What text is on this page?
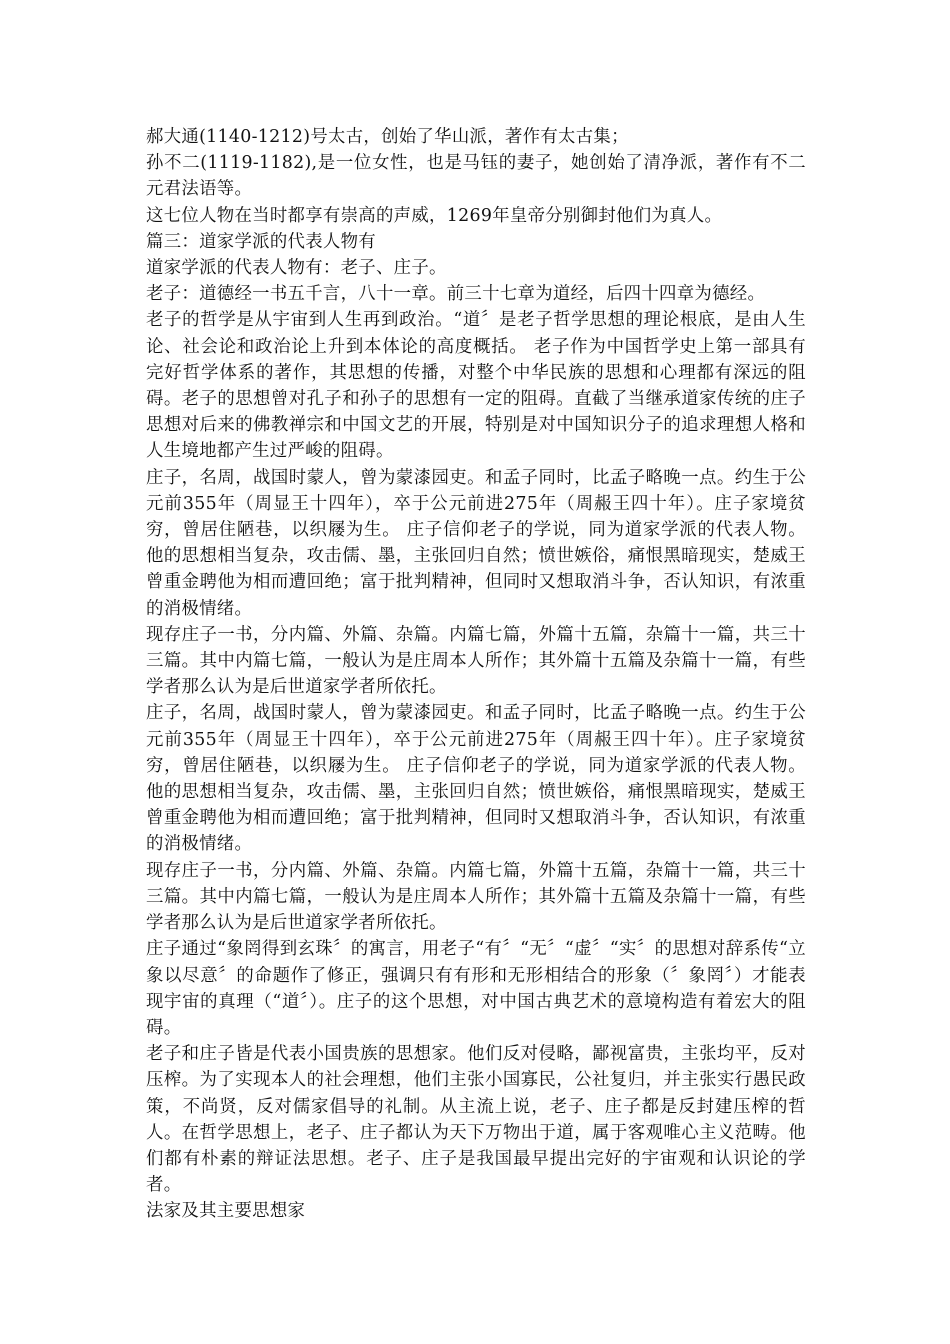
郝大通(1140-1212)号太古，创始了华山派，著作有太古集；

孙不二(1119-1182),是一位女性，也是马钰的妻子，她创始了清净派，著作有不二元君法语等。

这七位人物在当时都享有崇高的声威，1269年皇帝分别御封他们为真人。

篇三：道家学派的代表人物有

道家学派的代表人物有：老子、庄子。

老子：道德经一书五千言，八十一章。前三十七章为道经，后四十四章为德经。

老子的哲学是从宇宙到人生再到政治。“道〞是老子哲学思想的理论根底，是由人生论、社会论和政治论上升到本体论的高度概括。 老子作为中国哲学史上第一部具有完好哲学体系的著作，其思想的传播，对整个中华民族的思想和心理都有深远的阻碍。老子的思想曾对孔子和孙子的思想有一定的阻碍。直截了当继承道家传统的庄子思想对后来的佛教禅宗和中国文艺的开展，特别是对中国知识分子的追求理想人格和人生境地都产生过严峻的阻碍。

庄子，名周，战国时蒙人，曾为蒙漆园吏。和孟子同时，比孟子略晚一点。约生于公元前355年（周显王十四年），卒于公元前进275年（周赧王四十年）。庄子家境贫穷，曾居住陋巷，以织屦为生。 庄子信仰老子的学说，同为道家学派的代表人物。他的思想相当复杂，攻击儒、墨，主张回归自然；愤世嫉俗，痛恨黑暗现实，楚威王曾重金聘他为相而遭回绝；富于批判精神，但同时又想取消斗争，否认知识，有浓重的消极情绪。

现存庄子一书，分内篇、外篇、杂篇。内篇七篇，外篇十五篇，杂篇十一篇，共三十三篇。其中内篇七篇，一般认为是庄周本人所作；其外篇十五篇及杂篇十一篇，有些学者那么认为是后世道家学者所依托。

庄子，名周，战国时蒙人，曾为蒙漆园吏。和孟子同时，比孟子略晚一点。约生于公元前355年（周显王十四年），卒于公元前进275年（周赧王四十年）。庄子家境贫穷，曾居住陋巷，以织屦为生。 庄子信仰老子的学说，同为道家学派的代表人物。他的思想相当复杂，攻击儒、墨，主张回归自然；愤世嫉俗，痛恨黑暗现实，楚威王曾重金聘他为相而遭回绝；富于批判精神，但同时又想取消斗争，否认知识，有浓重的消极情绪。

现存庄子一书，分内篇、外篇、杂篇。内篇七篇，外篇十五篇，杂篇十一篇，共三十三篇。其中内篇七篇，一般认为是庄周本人所作；其外篇十五篇及杂篇十一篇，有些学者那么认为是后世道家学者所依托。

庄子通过“象罔得到玄珠〞的寓言，用老子“有〞“无〞“虚〞“实〞的思想对辞系传“立象以尽意〞的命题作了修正，强调只有有形和无形相结合的形象（〞象罔〞）才能表现宇宙的真理（“道〞）。庄子的这个思想，对中国古典艺术的意境构造有着宏大的阻碍。

老子和庄子皆是代表小国贵族的思想家。他们反对侵略，鄙视富贵，主张均平，反对压榨。为了实现本人的社会理想，他们主张小国寡民，公社复归，并主张实行愚民政策，不尚贤，反对儒家倡导的礼制。从主流上说，老子、庄子都是反封建压榨的哲人。在哲学思想上，老子、庄子都认为天下万物出于道，属于客观唯心主义范畴。他们都有朴素的辩证法思想。老子、庄子是我国最早提出完好的宇宙观和认识论的学者。

法家及其主要思想家
